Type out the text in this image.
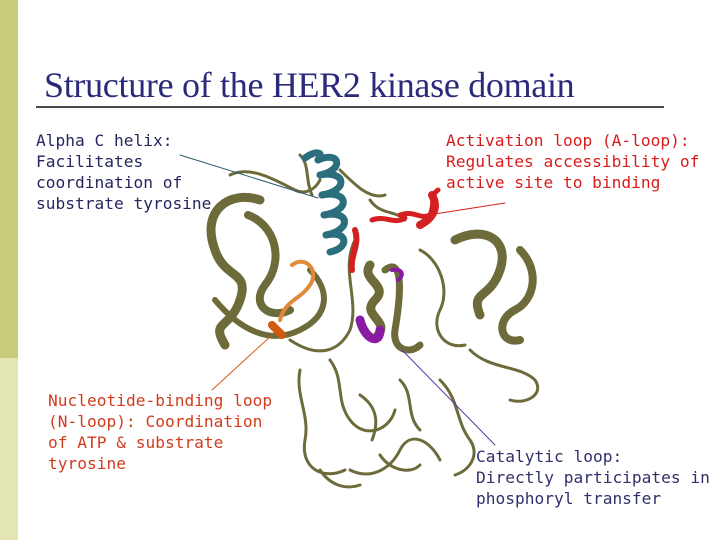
Structure of the HER2 kinase domain

Alpha C helix:
Facilitates
coordination of
substrate tyrosine

Activation loop (A-loop):
Regulates accessibility of
active site to binding

Nucleotide-binding loop
(N-loop): Coordination
of ATP & substrate
tyrosine	Catalytic loop:
Directly participates in
phosphoryl transfer
